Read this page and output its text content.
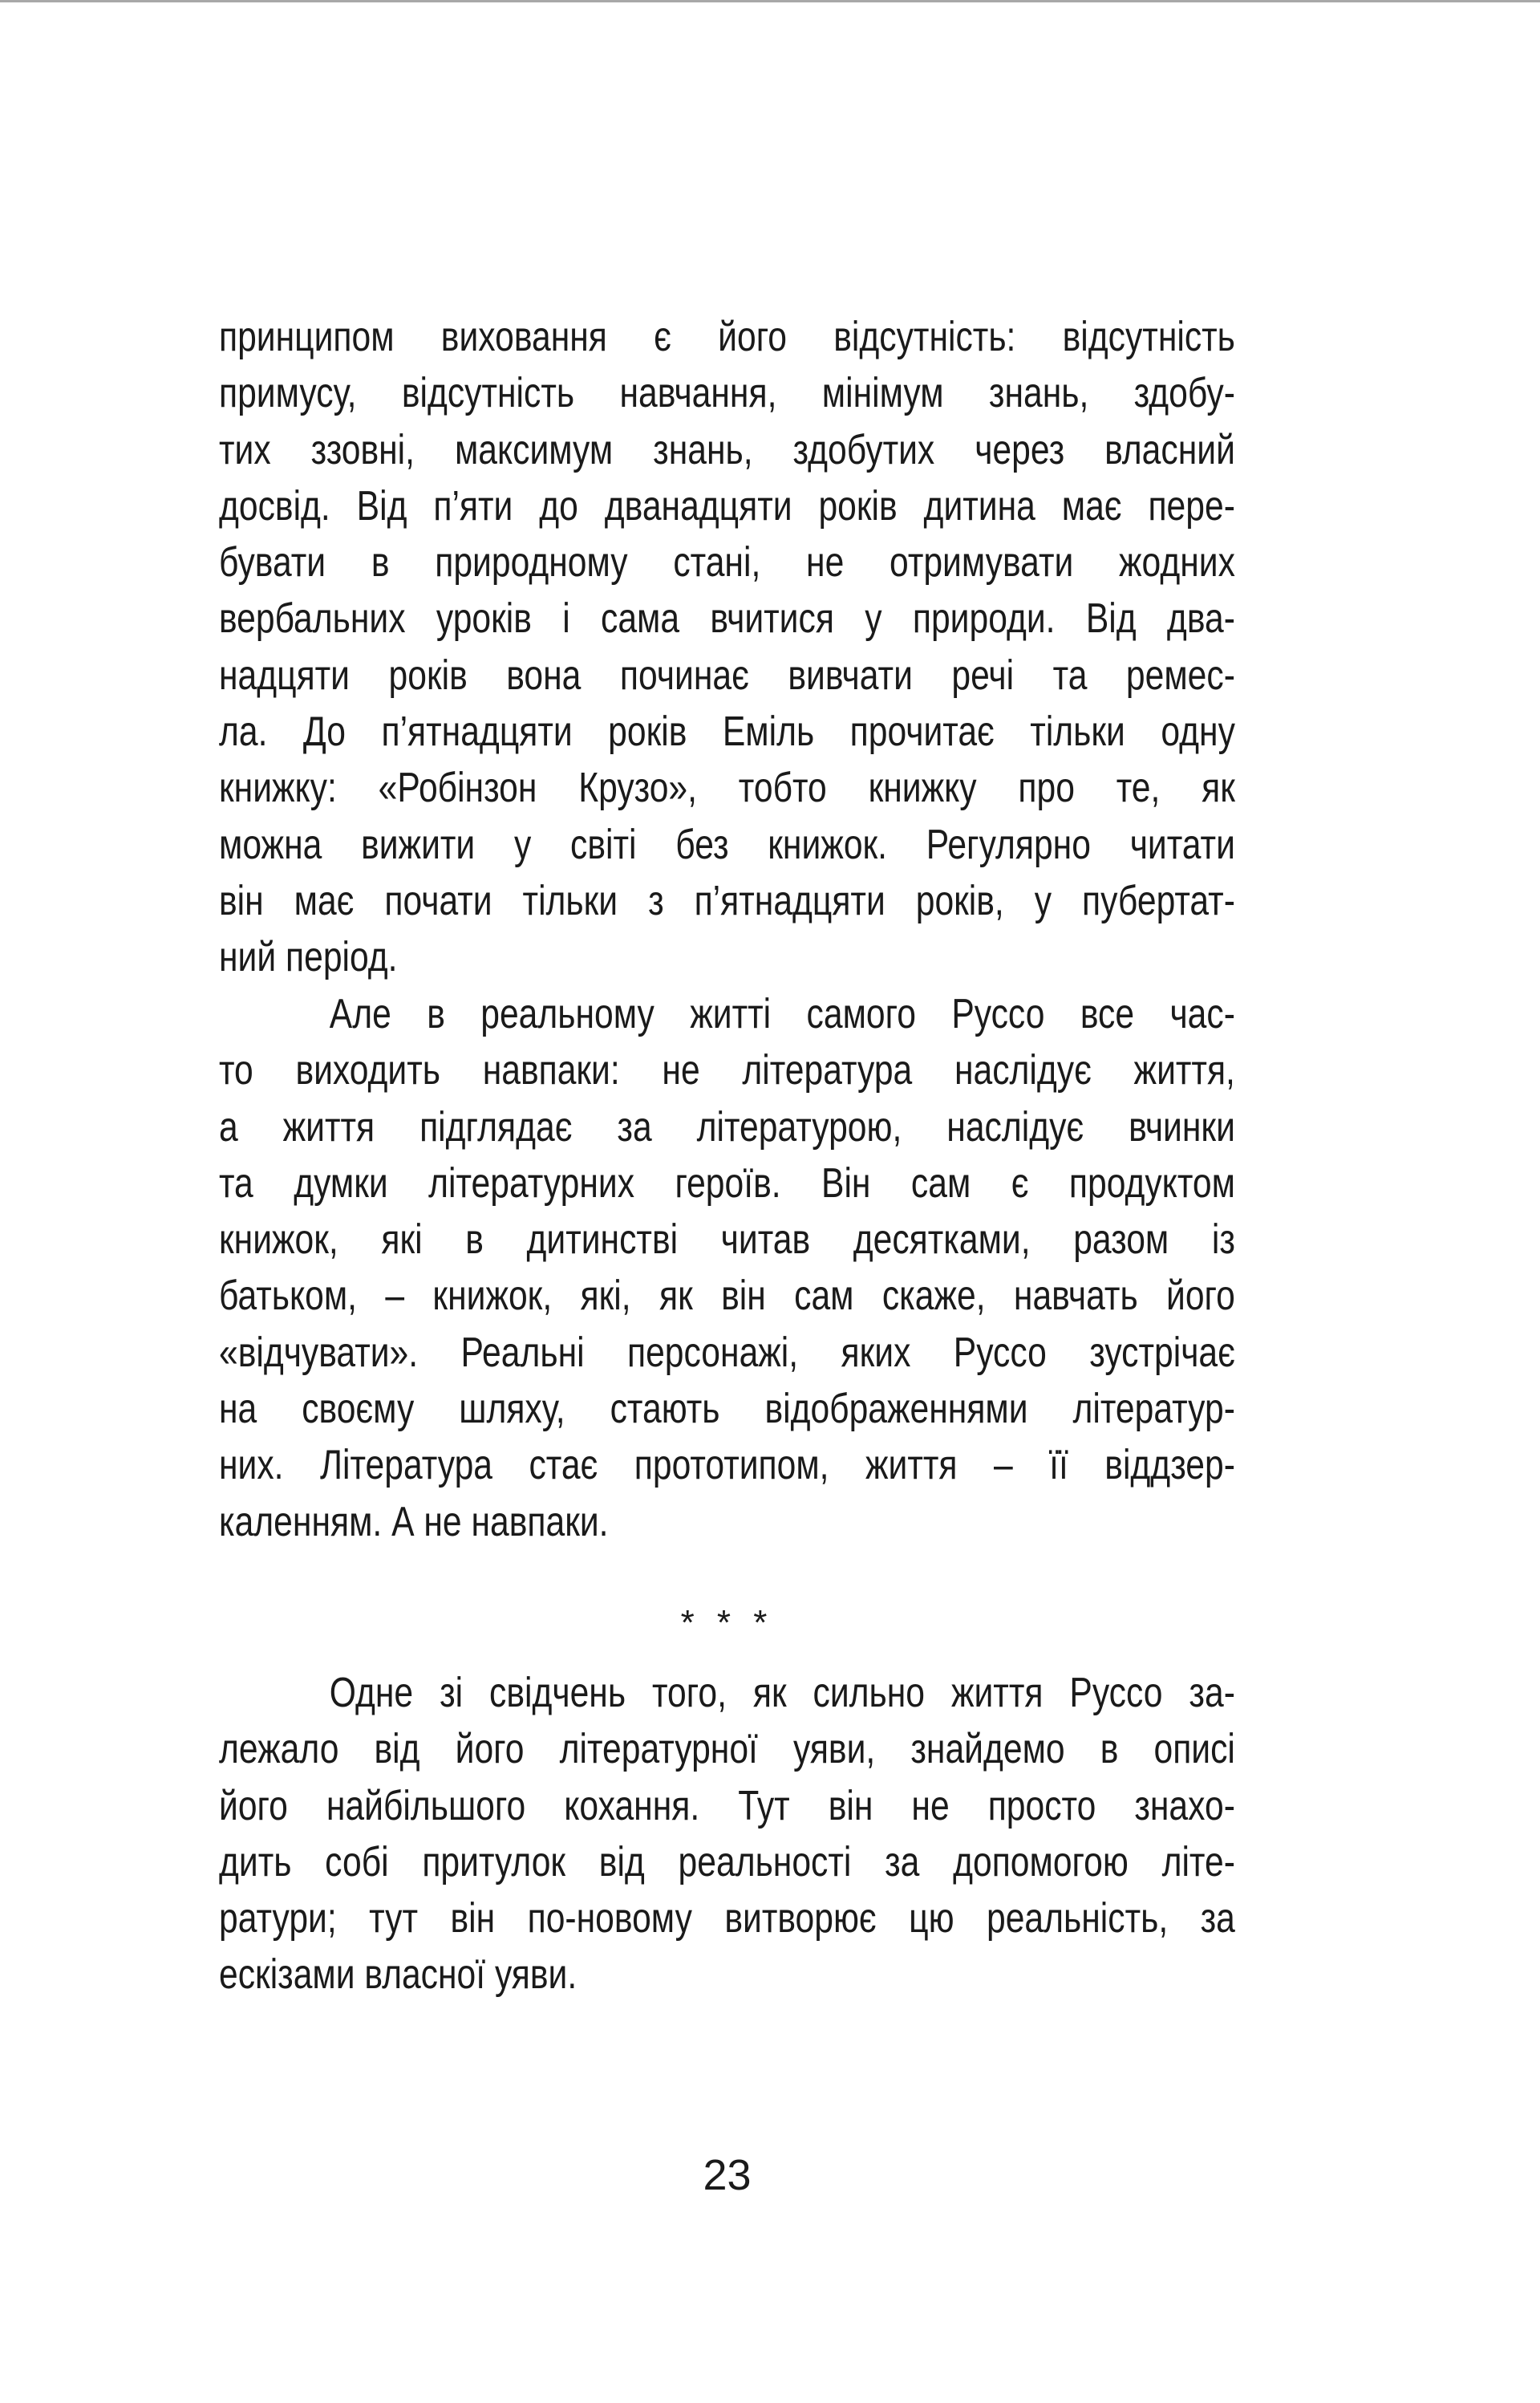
принципом виховання є його відсутність: відсутність
примусу, відсутність навчання, мінімум знань, здобу-
тих ззовні, максимум знань, здобутих через власний
досвід. Від п’яти до дванадцяти років дитина має пере-
бувати в природному стані, не отримувати жодних
вербальних уроків і сама вчитися у природи. Від два-
надцяти років вона починає вивчати речі та ремес-
ла. До п’ятнадцяти років Еміль прочитає тільки одну
книжку: «Робінзон Крузо», тобто книжку про те, як
можна вижити у світі без книжок. Регулярно читати
він має почати тільки з п’ятнадцяти років, у пубертат-
ний період.
Але в реальному житті самого Руссо все час-
то виходить навпаки: не література наслідує життя,
а життя підглядає за літературою, наслідує вчинки
та думки літературних героїв. Він сам є продуктом
книжок, які в дитинстві читав десятками, разом із
батьком, – книжок, які, як він сам скаже, навчать його
«відчувати». Реальні персонажі, яких Руссо зустрічає
на своєму шляху, стають відображеннями літератур-
них. Література стає прототипом, життя – її віддзер-
каленням. А не навпаки.
* * *
Одне зі свідчень того, як сильно життя Руссо за-
лежало від його літературної уяви, знайдемо в описі
його найбільшого кохання. Тут він не просто знахо-
дить собі притулок від реальності за допомогою літе-
ратури; тут він по-новому витворює цю реальність, за
ескізами власної уяви.
23
